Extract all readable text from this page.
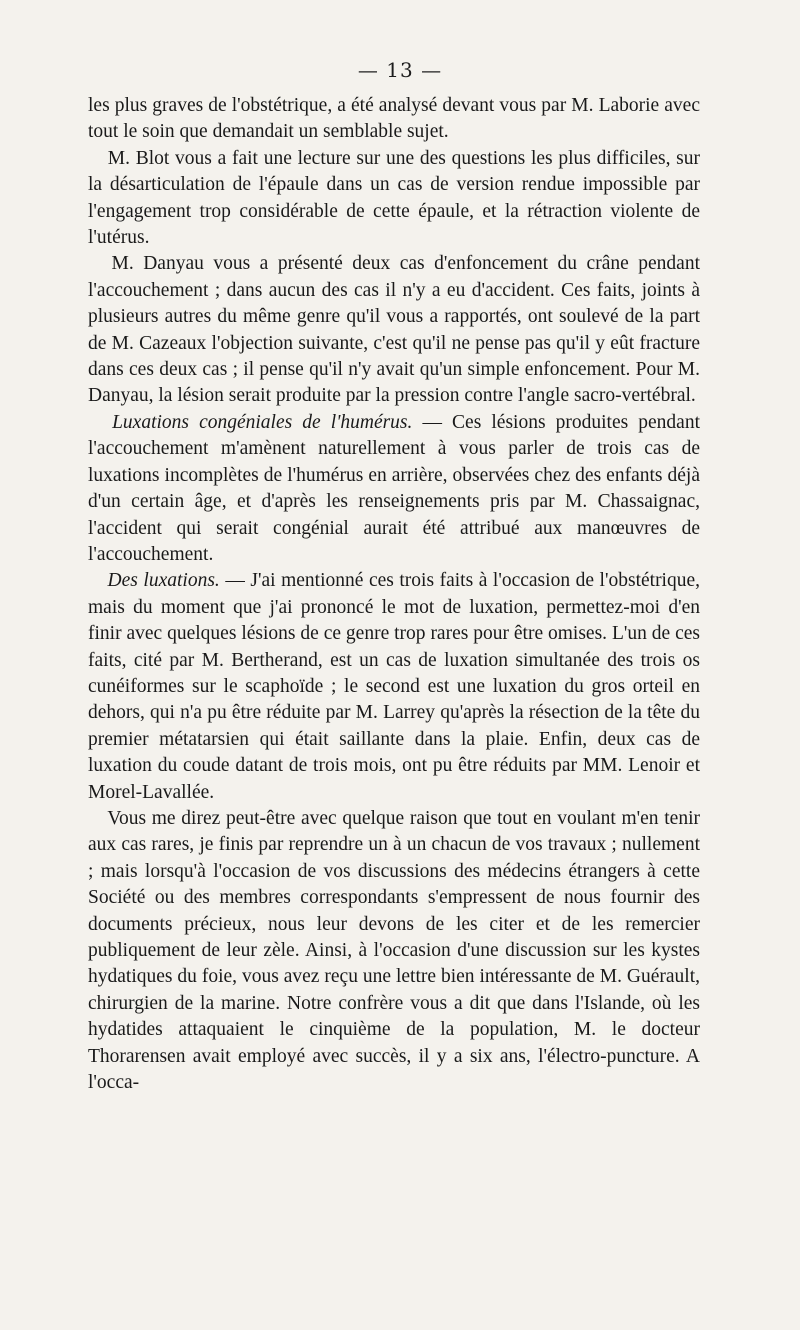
— 13 —

les plus graves de l'obstétrique, a été analysé devant vous par M. Laborie avec tout le soin que demandait un semblable sujet.

M. Blot vous a fait une lecture sur une des questions les plus difficiles, sur la désarticulation de l'épaule dans un cas de version rendue impossible par l'engagement trop considérable de cette épaule, et la rétraction violente de l'utérus.

M. Danyau vous a présenté deux cas d'enfoncement du crâne pendant l'accouchement ; dans aucun des cas il n'y a eu d'accident. Ces faits, joints à plusieurs autres du même genre qu'il vous a rapportés, ont soulevé de la part de M. Cazeaux l'objection suivante, c'est qu'il ne pense pas qu'il y eût fracture dans ces deux cas ; il pense qu'il n'y avait qu'un simple enfoncement. Pour M. Danyau, la lésion serait produite par la pression contre l'angle sacro-vertébral.

Luxations congéniales de l'humérus. — Ces lésions produites pendant l'accouchement m'amènent naturellement à vous parler de trois cas de luxations incomplètes de l'humérus en arrière, observées chez des enfants déjà d'un certain âge, et d'après les renseignements pris par M. Chassaignac, l'accident qui serait congénial aurait été attribué aux manœuvres de l'accouchement.

Des luxations. — J'ai mentionné ces trois faits à l'occasion de l'obstétrique, mais du moment que j'ai prononcé le mot de luxation, permettez-moi d'en finir avec quelques lésions de ce genre trop rares pour être omises. L'un de ces faits, cité par M. Bertherand, est un cas de luxation simultanée des trois os cunéiformes sur le scaphoïde ; le second est une luxation du gros orteil en dehors, qui n'a pu être réduite par M. Larrey qu'après la résection de la tête du premier métatarsien qui était saillante dans la plaie. Enfin, deux cas de luxation du coude datant de trois mois, ont pu être réduits par MM. Lenoir et Morel-Lavallée.

Vous me direz peut-être avec quelque raison que tout en voulant m'en tenir aux cas rares, je finis par reprendre un à un chacun de vos travaux ; nullement ; mais lorsqu'à l'occasion de vos discussions des médecins étrangers à cette Société ou des membres correspondants s'empressent de nous fournir des documents précieux, nous leur devons de les citer et de les remercier publiquement de leur zèle. Ainsi, à l'occasion d'une discussion sur les kystes hydatiques du foie, vous avez reçu une lettre bien intéressante de M. Guérault, chirurgien de la marine. Notre confrère vous a dit que dans l'Islande, où les hydatides attaquaient le cinquième de la population, M. le docteur Thorarensen avait employé avec succès, il y a six ans, l'électro-puncture. A l'occa-
